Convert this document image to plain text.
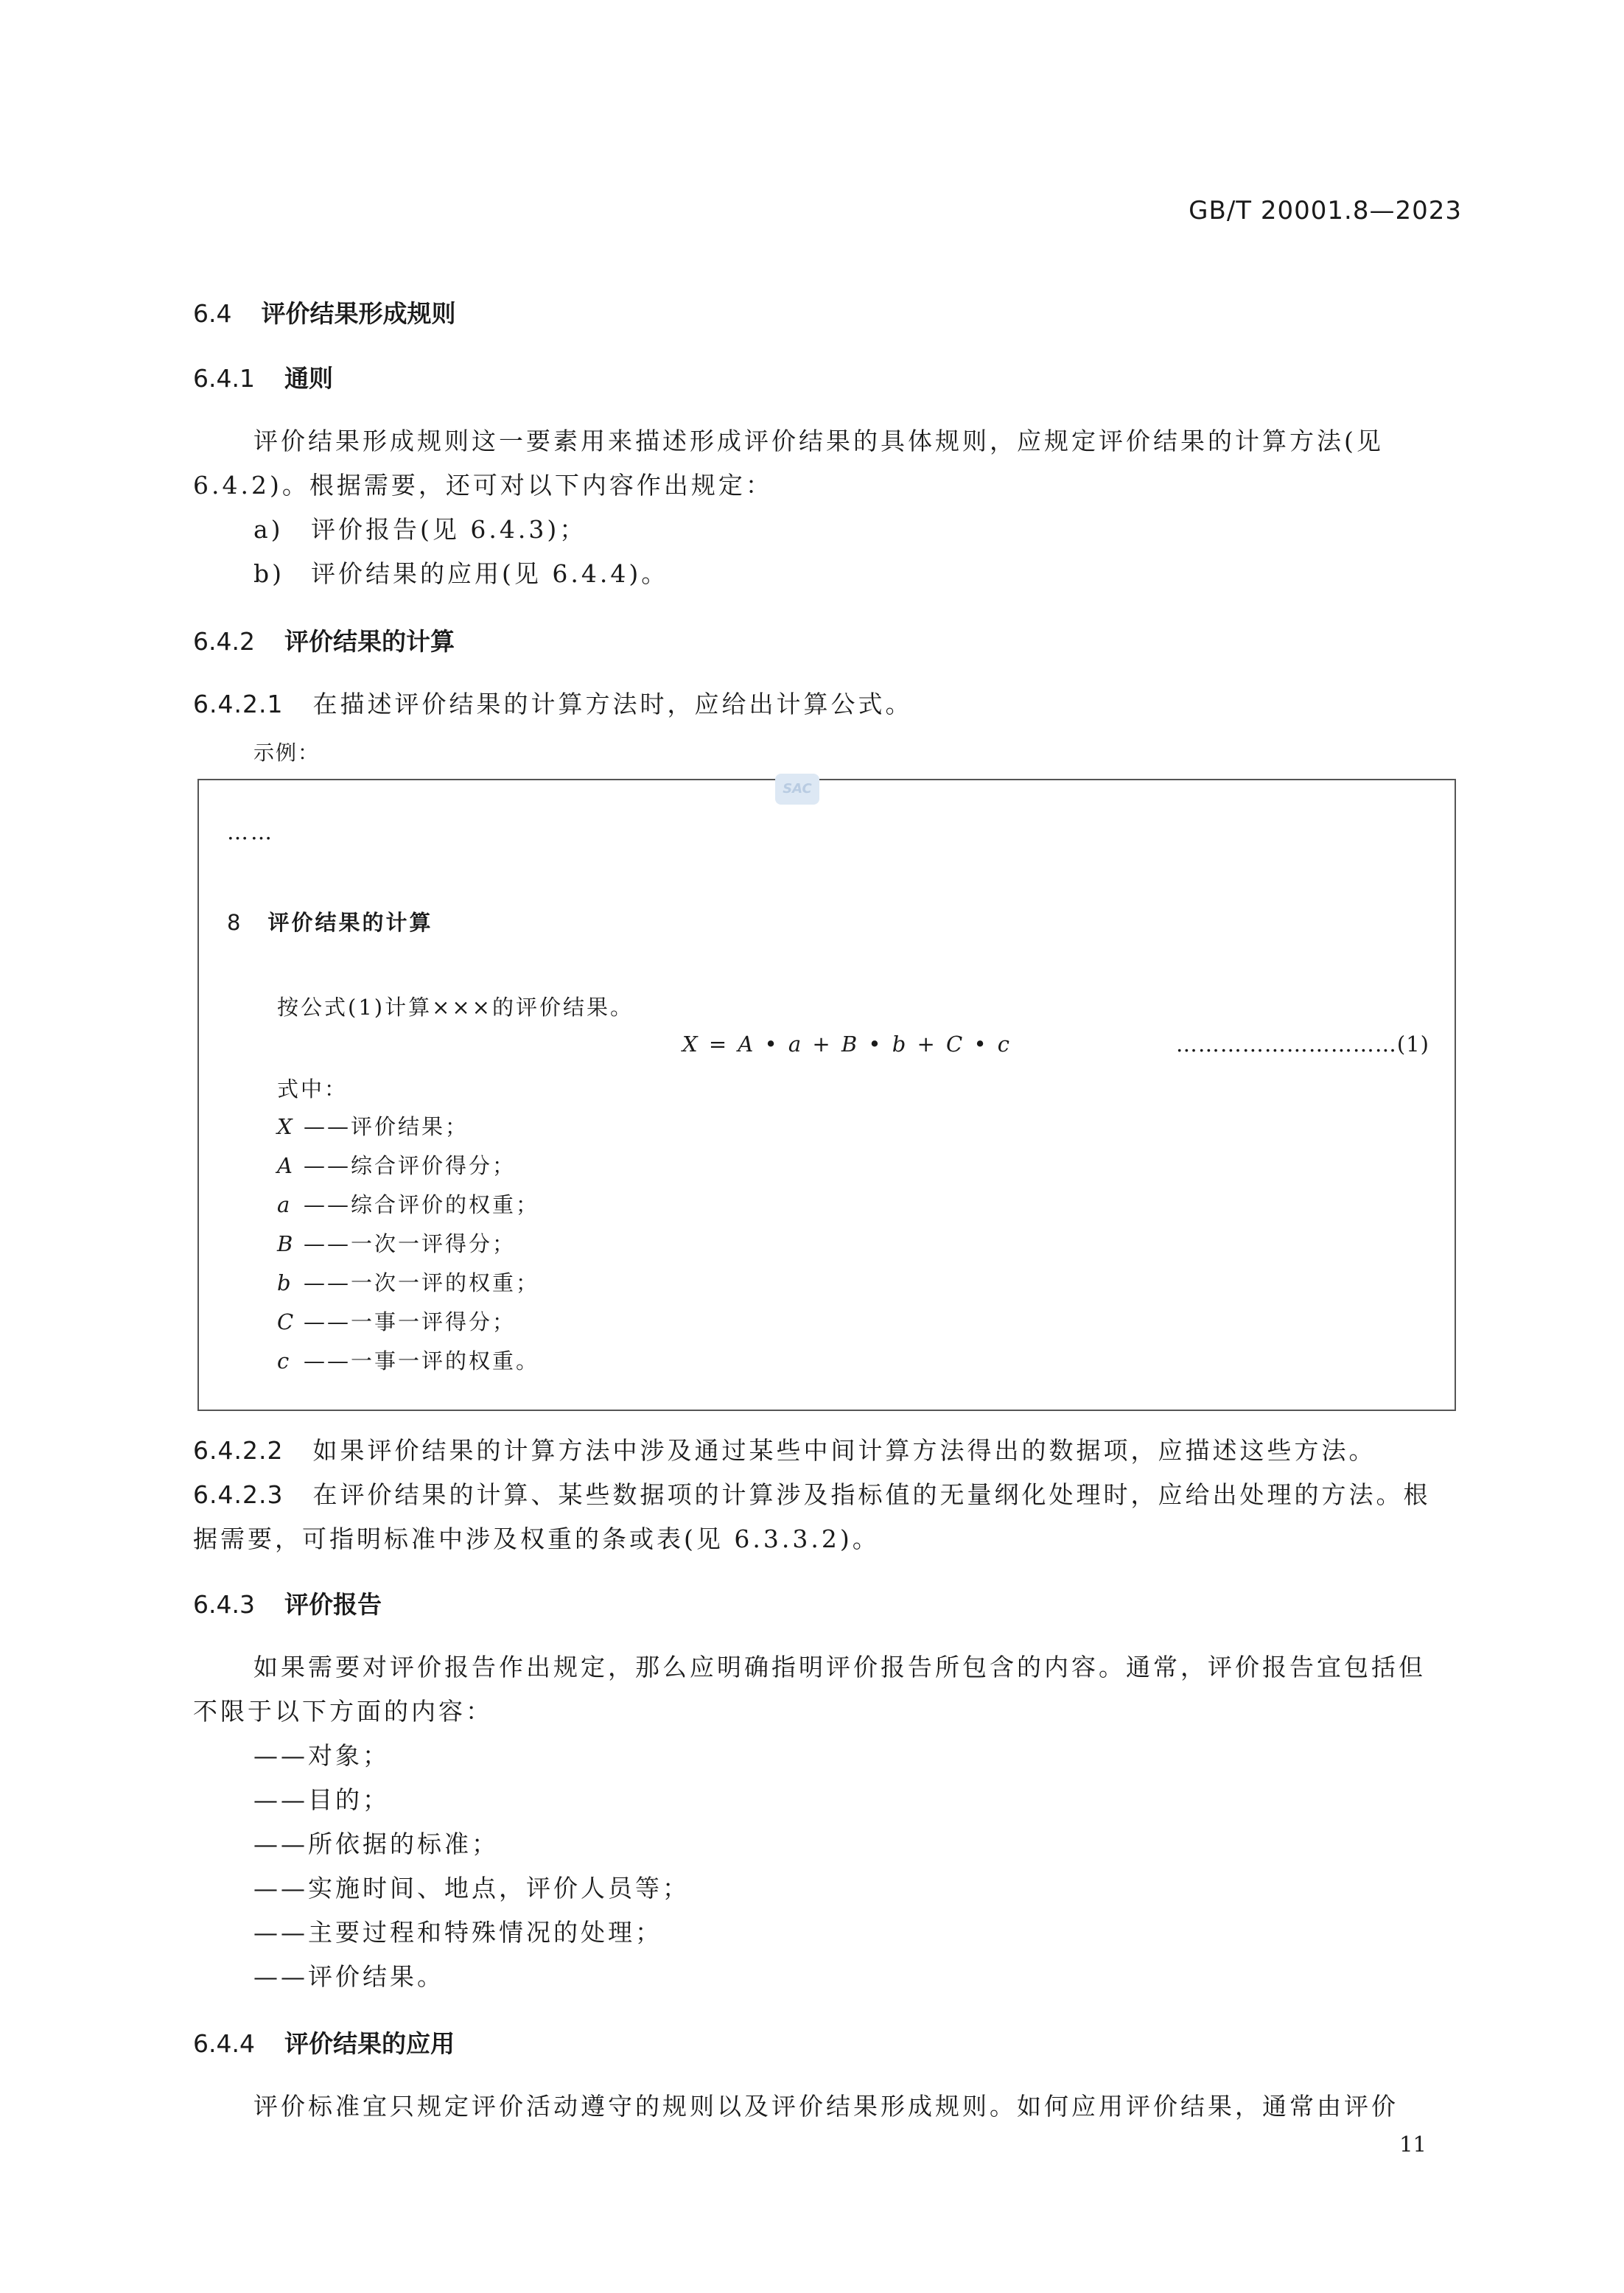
GB/T 20001.8—2023
6.4 评价结果形成规则
6.4.1 通则
评价结果形成规则这一要素用来描述形成评价结果的具体规则，应规定评价结果的计算方法(见
6.4.2)。根据需要，还可对以下内容作出规定：
a) 评价报告(见 6.4.3)；
b) 评价结果的应用(见 6.4.4)。
6.4.2 评价结果的计算
6.4.2.1 在描述评价结果的计算方法时，应给出计算公式。
示例：
SAC
……
8 评价结果的计算
按公式(1)计算×××的评价结果。
X = A • a + B • b + C • c	…………………………(1)
式中：
X ——评价结果；
A ——综合评价得分；
a ——综合评价的权重；
B ——一次一评得分；
b ——一次一评的权重；
C ——一事一评得分；
c ——一事一评的权重。
6.4.2.2 如果评价结果的计算方法中涉及通过某些中间计算方法得出的数据项，应描述这些方法。
6.4.2.3 在评价结果的计算、某些数据项的计算涉及指标值的无量纲化处理时，应给出处理的方法。根
据需要，可指明标准中涉及权重的条或表(见 6.3.3.2)。
6.4.3 评价报告
如果需要对评价报告作出规定，那么应明确指明评价报告所包含的内容。通常，评价报告宜包括但
不限于以下方面的内容：
——对象；
——目的；
——所依据的标准；
——实施时间、地点，评价人员等；
——主要过程和特殊情况的处理；
——评价结果。
6.4.4 评价结果的应用
评价标准宜只规定评价活动遵守的规则以及评价结果形成规则。如何应用评价结果，通常由评价
11
